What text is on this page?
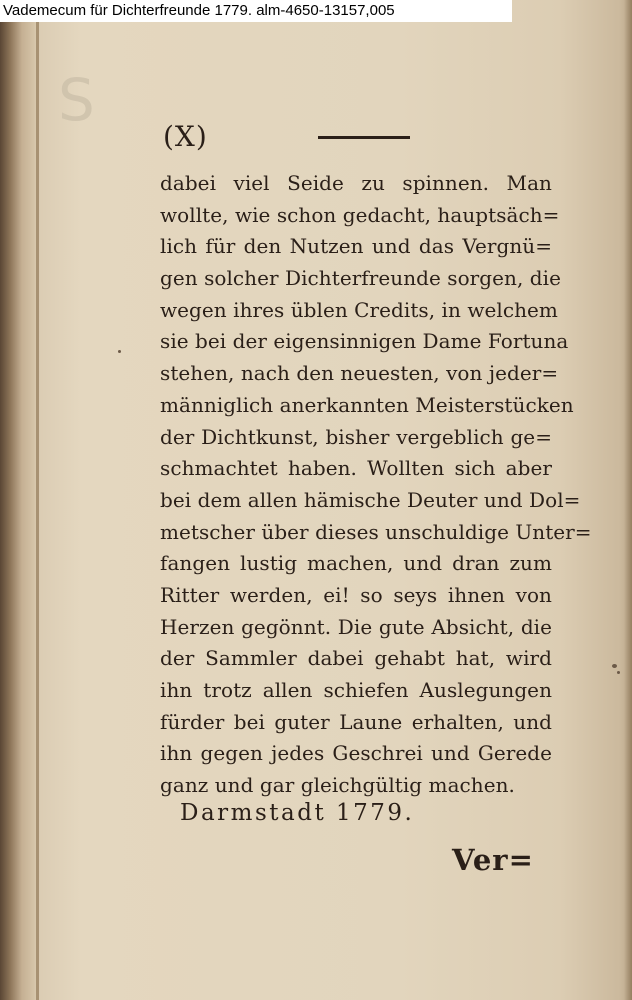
S
(X)
dabei viel Seide zu spinnen. Man
wollte, wie schon gedacht, hauptsäch=
lich für den Nutzen und das Vergnü=
gen solcher Dichterfreunde sorgen, die
wegen ihres üblen Credits, in welchem
sie bei der eigensinnigen Dame Fortuna
stehen, nach den neuesten, von jeder=
männiglich anerkannten Meisterstücken
der Dichtkunst, bisher vergeblich ge=
schmachtet haben. Wollten sich aber
bei dem allen hämische Deuter und Dol=
metscher über dieses unschuldige Unter=
fangen lustig machen, und dran zum
Ritter werden, ei! so seys ihnen von
Herzen gegönnt. Die gute Absicht, die
der Sammler dabei gehabt hat, wird
ihn trotz allen schiefen Auslegungen
fürder bei guter Laune erhalten, und
ihn gegen jedes Geschrei und Gerede
ganz und gar gleichgültig machen.
Darmstadt 1779.
Ver=
Vademecum für Dichterfreunde 1779. alm-4650-13157,005
